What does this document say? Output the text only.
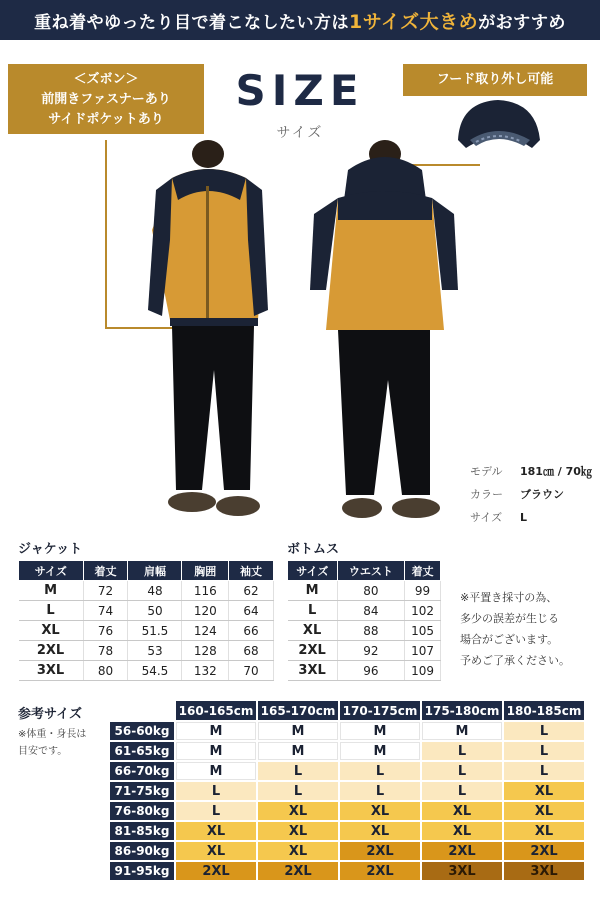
重ね着やゆったり目で着こなしたい方は 1サイズ大きめ がおすすめ
＜ズボン＞
前開きファスナーあり
サイドポケットあり
SIZE
サイズ
フード取り外し可能
モデル 181㎝ / 70㎏
カラー ブラウン
サイズ L
ジャケット
サイズ	着丈	肩幅	胸囲	袖丈
M	72	48	116	62
L	74	50	120	64
XL	76	51.5	124	66
2XL	78	53	128	68
3XL	80	54.5	132	70
ボトムス
サイズ	ウエスト	着丈
M	80	99
L	84	102
XL	88	105
2XL	92	107
3XL	96	109
※平置き採寸の為、
多少の誤差が生じる
場合がございます。
予めご了承ください。
参考サイズ
※体重・身長は
目安です。
	160-165cm	165-170cm	170-175cm	175-180cm	180-185cm
56-60kg	M	M	M	M	L
61-65kg	M	M	M	L	L
66-70kg	M	L	L	L	L
71-75kg	L	L	L	L	XL
76-80kg	L	XL	XL	XL	XL
81-85kg	XL	XL	XL	XL	XL
86-90kg	XL	XL	2XL	2XL	2XL
91-95kg	2XL	2XL	2XL	3XL	3XL
